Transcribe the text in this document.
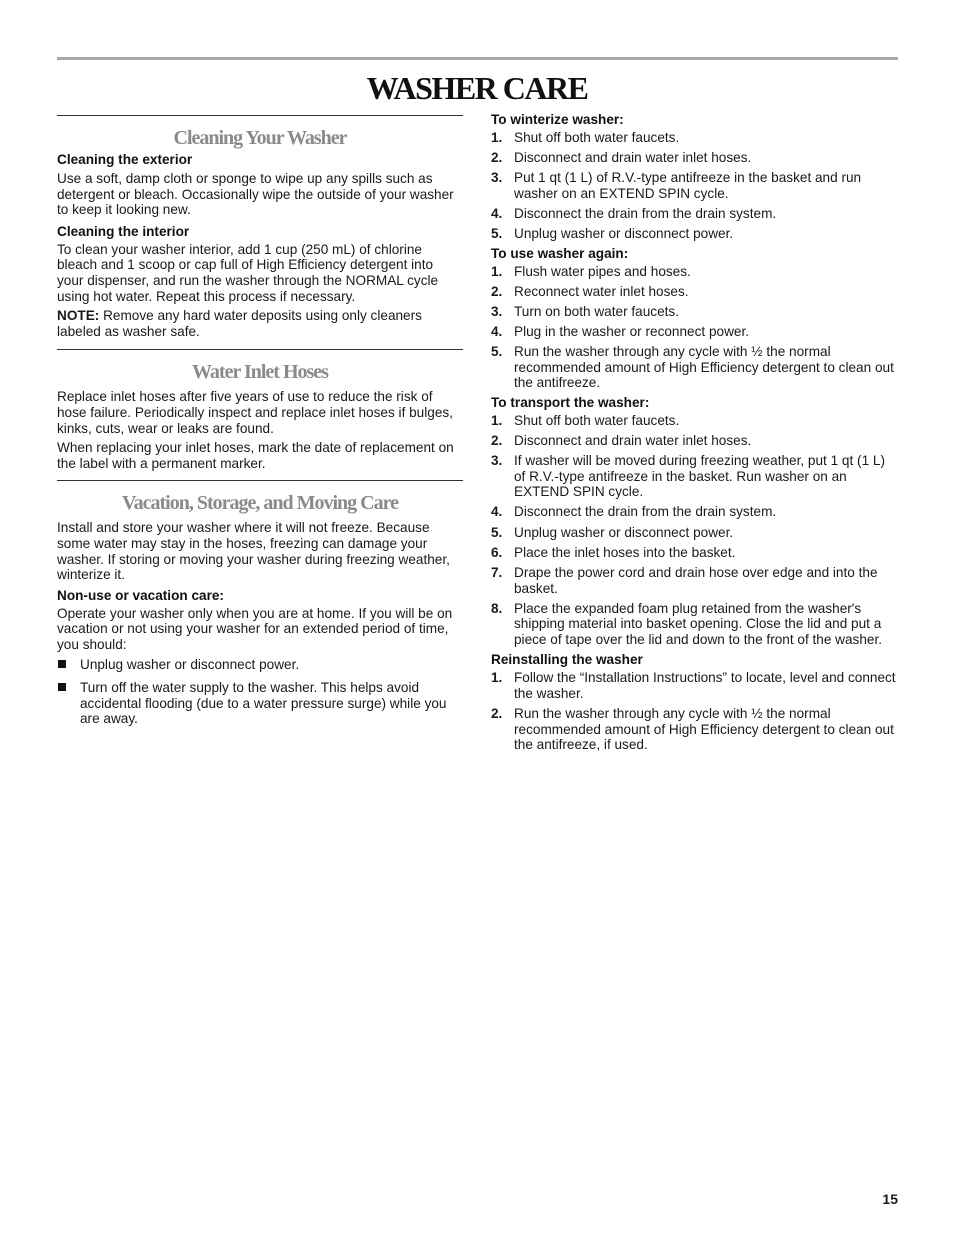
WASHER CARE
Cleaning Your Washer
Cleaning the exterior

Use a soft, damp cloth or sponge to wipe up any spills such as detergent or bleach. Occasionally wipe the outside of your washer to keep it looking new.

Cleaning the interior

To clean your washer interior, add 1 cup (250 mL) of chlorine bleach and 1 scoop or cap full of High Efficiency detergent into your dispenser, and run the washer through the NORMAL cycle using hot water. Repeat this process if necessary.

NOTE: Remove any hard water deposits using only cleaners labeled as washer safe.

Water Inlet Hoses

Replace inlet hoses after five years of use to reduce the risk of hose failure. Periodically inspect and replace inlet hoses if bulges, kinks, cuts, wear or leaks are found.

When replacing your inlet hoses, mark the date of replacement on the label with a permanent marker.

Vacation, Storage, and Moving Care

Install and store your washer where it will not freeze. Because some water may stay in the hoses, freezing can damage your washer. If storing or moving your washer during freezing weather, winterize it.

Non-use or vacation care:

Operate your washer only when you are at home. If you will be on vacation or not using your washer for an extended period of time, you should:

Unplug washer or disconnect power.
Turn off the water supply to the washer. This helps avoid accidental flooding (due to a water pressure surge) while you are away.
To winterize washer:
1. Shut off both water faucets.
2. Disconnect and drain water inlet hoses.
3. Put 1 qt (1 L) of R.V.-type antifreeze in the basket and run washer on an EXTEND SPIN cycle.
4. Disconnect the drain from the drain system.
5. Unplug washer or disconnect power.
To use washer again:
1. Flush water pipes and hoses.
2. Reconnect water inlet hoses.
3. Turn on both water faucets.
4. Plug in the washer or reconnect power.
5. Run the washer through any cycle with ½ the normal recommended amount of High Efficiency detergent to clean out the antifreeze.
To transport the washer:
1. Shut off both water faucets.
2. Disconnect and drain water inlet hoses.
3. If washer will be moved during freezing weather, put 1 qt (1 L) of R.V.-type antifreeze in the basket. Run washer on an EXTEND SPIN cycle.
4. Disconnect the drain from the drain system.
5. Unplug washer or disconnect power.
6. Place the inlet hoses into the basket.
7. Drape the power cord and drain hose over edge and into the basket.
8. Place the expanded foam plug retained from the washer's shipping material into basket opening. Close the lid and put a piece of tape over the lid and down to the front of the washer.
Reinstalling the washer
1. Follow the “Installation Instructions” to locate, level and connect the washer.
2. Run the washer through any cycle with ½ the normal recommended amount of High Efficiency detergent to clean out the antifreeze, if used.
15
